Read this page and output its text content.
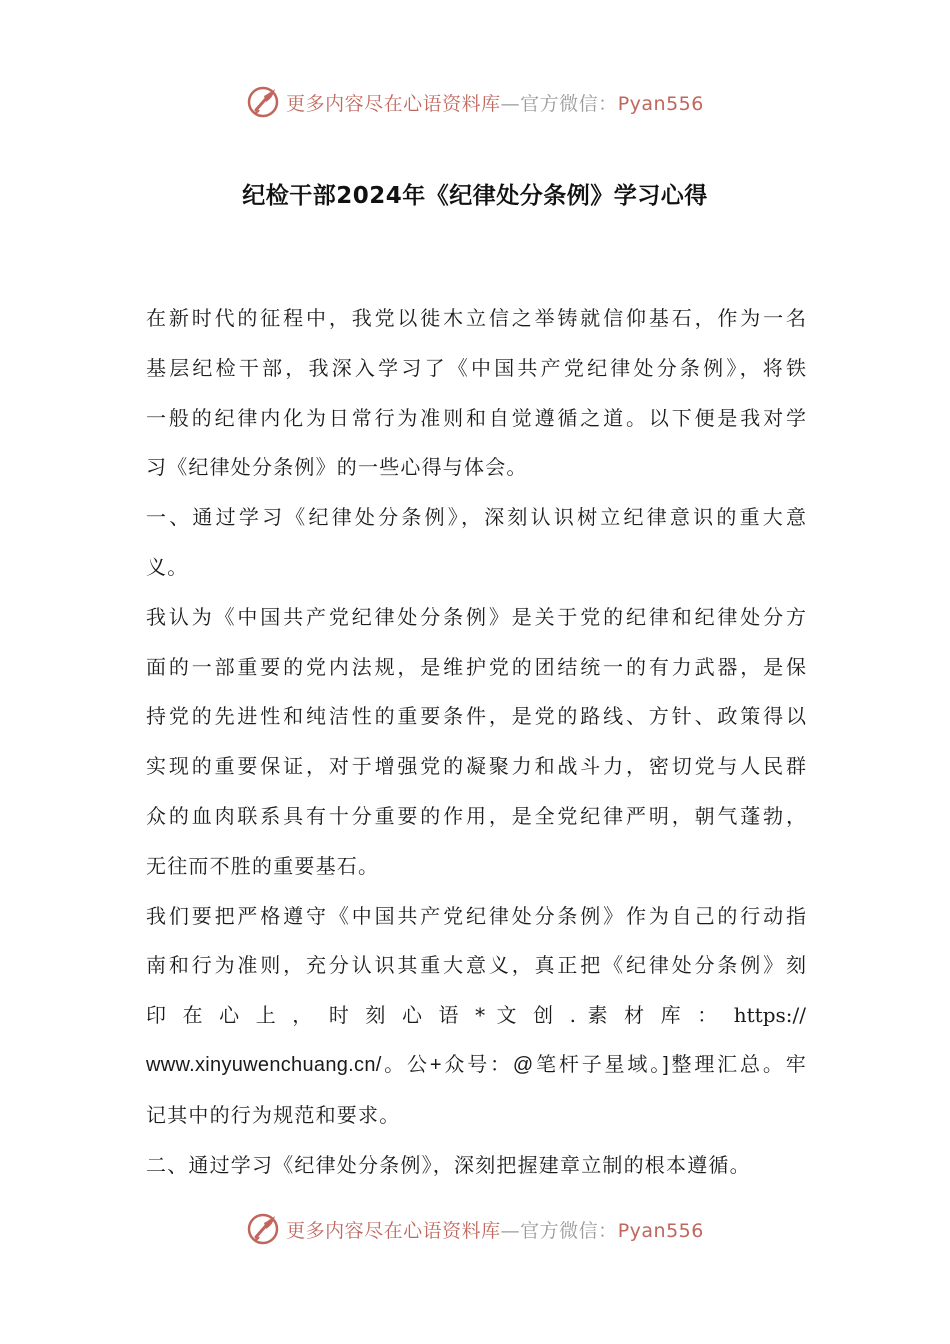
更多内容尽在心语资料库—官方微信：Pyan556
纪检干部2024年《纪律处分条例》学习心得
在新时代的征程中，我党以徙木立信之举铸就信仰基石，作为一名
基层纪检干部，我深入学习了《中国共产党纪律处分条例》，将铁
一般的纪律内化为日常行为准则和自觉遵循之道。以下便是我对学
习《纪律处分条例》的一些心得与体会。
一、通过学习《纪律处分条例》，深刻认识树立纪律意识的重大意
义。
我认为《中国共产党纪律处分条例》是关于党的纪律和纪律处分方
面的一部重要的党内法规，是维护党的团结统一的有力武器，是保
持党的先进性和纯洁性的重要条件，是党的路线、方针、政策得以
实现的重要保证，对于增强党的凝聚力和战斗力，密切党与人民群
众的血肉联系具有十分重要的作用，是全党纪律严明，朝气蓬勃，
无往而不胜的重要基石。
我们要把严格遵守《中国共产党纪律处分条例》作为自己的行动指
南和行为准则，充分认识其重大意义，真正把《纪律处分条例》刻
印 在 心 上 ， 时 刻 心 语 * 文 创 . 素 材 库 ： https://
www.xinyuwenchuang.cn/。公+众号：@笔杆子星域。]整理汇总。牢
记其中的行为规范和要求。
二、通过学习《纪律处分条例》，深刻把握建章立制的根本遵循。
更多内容尽在心语资料库—官方微信：Pyan556
